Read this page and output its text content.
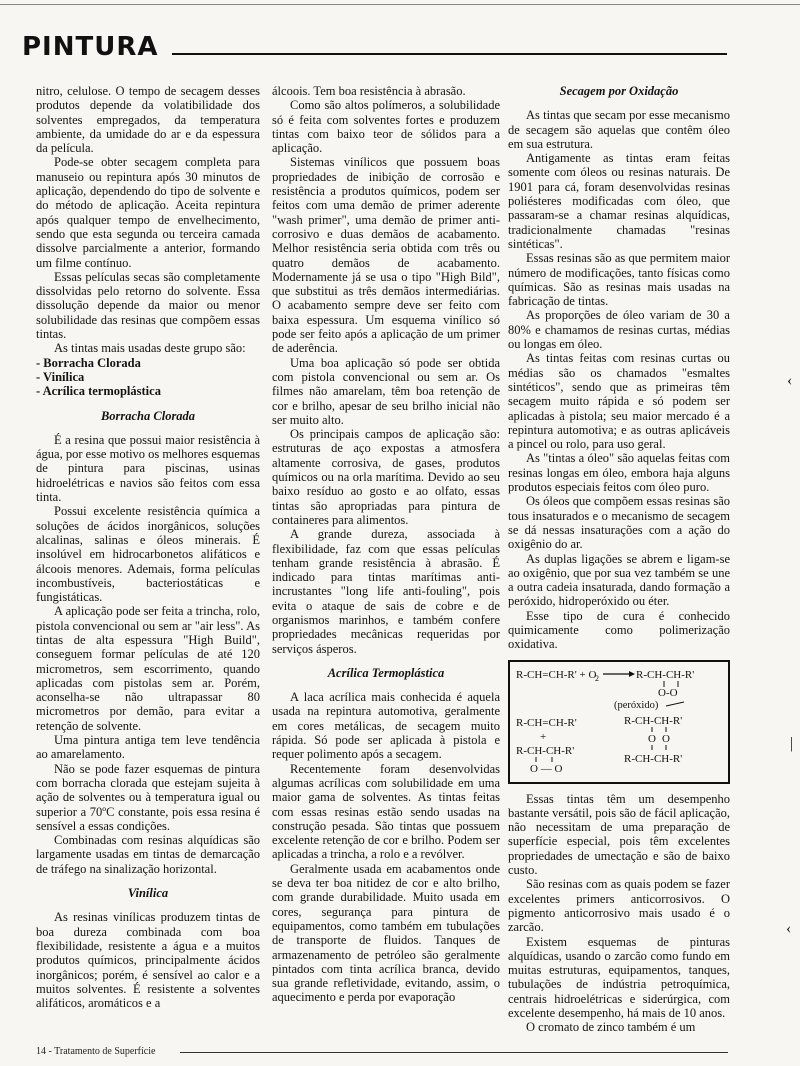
PINTURA

nitro, celulose. O tempo de secagem desses produtos depende da volatibilidade dos solventes empregados, da temperatura ambiente, da umidade do ar e da espessura da película.

Pode-se obter secagem completa para manuseio ou repintura após 30 minutos de aplicação, dependendo do tipo de solvente e do método de aplicação. Aceita repintura após qualquer tempo de envelhecimento, sendo que esta segunda ou terceira camada dissolve parcialmente a anterior, formando um filme contínuo.

Essas películas secas são completamente dissolvidas pelo retorno do solvente. Essa dissolução depende da maior ou menor solubilidade das resinas que compõem essas tintas.

As tintas mais usadas deste grupo são:

- Borracha Clorada
- Vinílica
- Acrílica termoplástica
Borracha Clorada

É a resina que possui maior resistência à água, por esse motivo os melhores esquemas de pintura para piscinas, usinas hidroelétricas e navios são feitos com essa tinta.

Possui excelente resistência química a soluções de ácidos inorgânicos, soluções alcalinas, salinas e óleos minerais. É insolúvel em hidrocarbonetos alifáticos e álcoois menores. Ademais, forma películas incombustíveis, bacteriostáticas e fungistáticas.

A aplicação pode ser feita a trincha, rolo, pistola convencional ou sem ar "air less". As tintas de alta espessura "High Build", conseguem formar películas de até 120 micrometros, sem escorrimento, quando aplicadas com pistolas sem ar. Porém, aconselha-se não ultrapassar 80 micrometros por demão, para evitar a retenção de solvente.

Uma pintura antiga tem leve tendência ao amarelamento.

Não se pode fazer esquemas de pintura com borracha clorada que estejam sujeita à ação de solventes ou à temperatura igual ou superior a 70ºC constante, pois essa resina é sensível a essas condições.

Combinadas com resinas alquídicas são largamente usadas em tintas de demarcação de tráfego na sinalização horizontal.

Vinílica

As resinas vinílicas produzem tintas de boa dureza combinada com boa flexibilidade, resistente a água e a muitos produtos químicos, principalmente ácidos inorgânicos; porém, é sensível ao calor e a muitos solventes. É resistente a solventes alifáticos, aromáticos e a

álcoois. Tem boa resistência à abrasão.

Como são altos polímeros, a solubilidade só é feita com solventes fortes e produzem tintas com baixo teor de sólidos para a aplicação.

Sistemas vinílicos que possuem boas propriedades de inibição de corrosão e resistência a produtos químicos, podem ser feitos com uma demão de primer aderente "wash primer", uma demão de primer anti-corrosivo e duas demãos de acabamento. Melhor resistência seria obtida com três ou quatro demãos de acabamento. Modernamente já se usa o tipo "High Bild", que substitui as três demãos intermediárias. O acabamento sempre deve ser feito com baixa espessura. Um esquema vinílico só pode ser feito após a aplicação de um primer de aderência.

Uma boa aplicação só pode ser obtida com pistola convencional ou sem ar. Os filmes não amarelam, têm boa retenção de cor e brilho, apesar de seu brilho inicial não ser muito alto.

Os principais campos de aplicação são: estruturas de aço expostas a atmosfera altamente corrosiva, de gases, produtos químicos ou na orla marítima. Devido ao seu baixo resíduo ao gosto e ao olfato, essas tintas são apropriadas para pintura de containeres para alimentos.

A grande dureza, associada à flexibilidade, faz com que essas películas tenham grande resistência à abrasão. É indicado para tintas marítimas anti-incrustantes "long life anti-fouling", pois evita o ataque de sais de cobre e de organismos marinhos, e também confere propriedades mecânicas requeridas por serviços ásperos.

Acrílica Termoplástica

A laca acrílica mais conhecida é aquela usada na repintura automotiva, geralmente em cores metálicas, de secagem muito rápida. Só pode ser aplicada à pistola e requer polimento após a secagem.

Recentemente foram desenvolvidas algumas acrílicas com solubilidade em uma maior gama de solventes. As tintas feitas com essas resinas estão sendo usadas na construção pesada. São tintas que possuem excelente retenção de cor e brilho. Podem ser aplicadas a trincha, a rolo e a revólver.

Geralmente usada em acabamentos onde se deva ter boa nitidez de cor e alto brilho, com grande durabilidade. Muito usada em cores, segurança para pintura de equipamentos, como também em tubulações de transporte de fluidos. Tanques de armazenamento de petróleo são geralmente pintados com tinta acrílica branca, devido sua grande refletividade, evitando, assim, o aquecimento e perda por evaporação

Secagem por Oxidação

As tintas que secam por esse mecanismo de secagem são aquelas que contêm óleo em sua estrutura.

Antigamente as tintas eram feitas somente com óleos ou resinas naturais. De 1901 para cá, foram desenvolvidas resinas poliésteres modificadas com óleo, que passaram-se a chamar resinas alquídicas, tradicionalmente chamadas "resinas sintéticas".

Essas resinas são as que permitem maior número de modificações, tanto físicas como químicas. São as resinas mais usadas na fabricação de tintas.

As proporções de óleo variam de 30 a 80% e chamamos de resinas curtas, médias ou longas em óleo.

As tintas feitas com resinas curtas ou médias são os chamados "esmaltes sintéticos", sendo que as primeiras têm secagem muito rápida e só podem ser aplicadas à pistola; seu maior mercado é a repintura automotiva; e as outras aplicáveis a pincel ou rolo, para uso geral.

As "tintas a óleo" são aquelas feitas com resinas longas em óleo, embora haja alguns produtos especiais feitos com óleo puro.

Os óleos que compõem essas resinas são tous insaturados e o mecanismo de secagem se dá nessas insaturações com a ação do oxigênio do ar.

As duplas ligações se abrem e ligam-se ao oxigênio, que por sua vez também se une a outra cadeia insaturada, dando formação a peróxido, hidroperóxido ou éter.

Esse tipo de cura é conhecido quimicamente como polimerização oxidativa.

R-CH=CH-R' + O
2	R-CH-CH-R'
O-O
(peróxido)
R-CH=CH-R'
+
R-CH-CH-R'
O — O
R-CH-CH-R'
O O
R-CH-CH-R'

Essas tintas têm um desempenho bastante versátil, pois são de fácil aplicação, não necessitam de uma preparação de superfície especial, pois têm excelentes propriedades de umectação e são de baixo custo.

São resinas com as quais podem se fazer excelentes primers anticorrosivos. O pigmento anticorrosivo mais usado é o zarcão.

Existem esquemas de pinturas alquídicas, usando o zarcão como fundo em muitas estruturas, equipamentos, tanques, tubulações de indústria petroquímica, centrais hidroelétricas e siderúrgica, com excelente desempenho, há mais de 10 anos.

O cromato de zinco também é um

‹
|
‹
14 - Tratamento de Superfície
